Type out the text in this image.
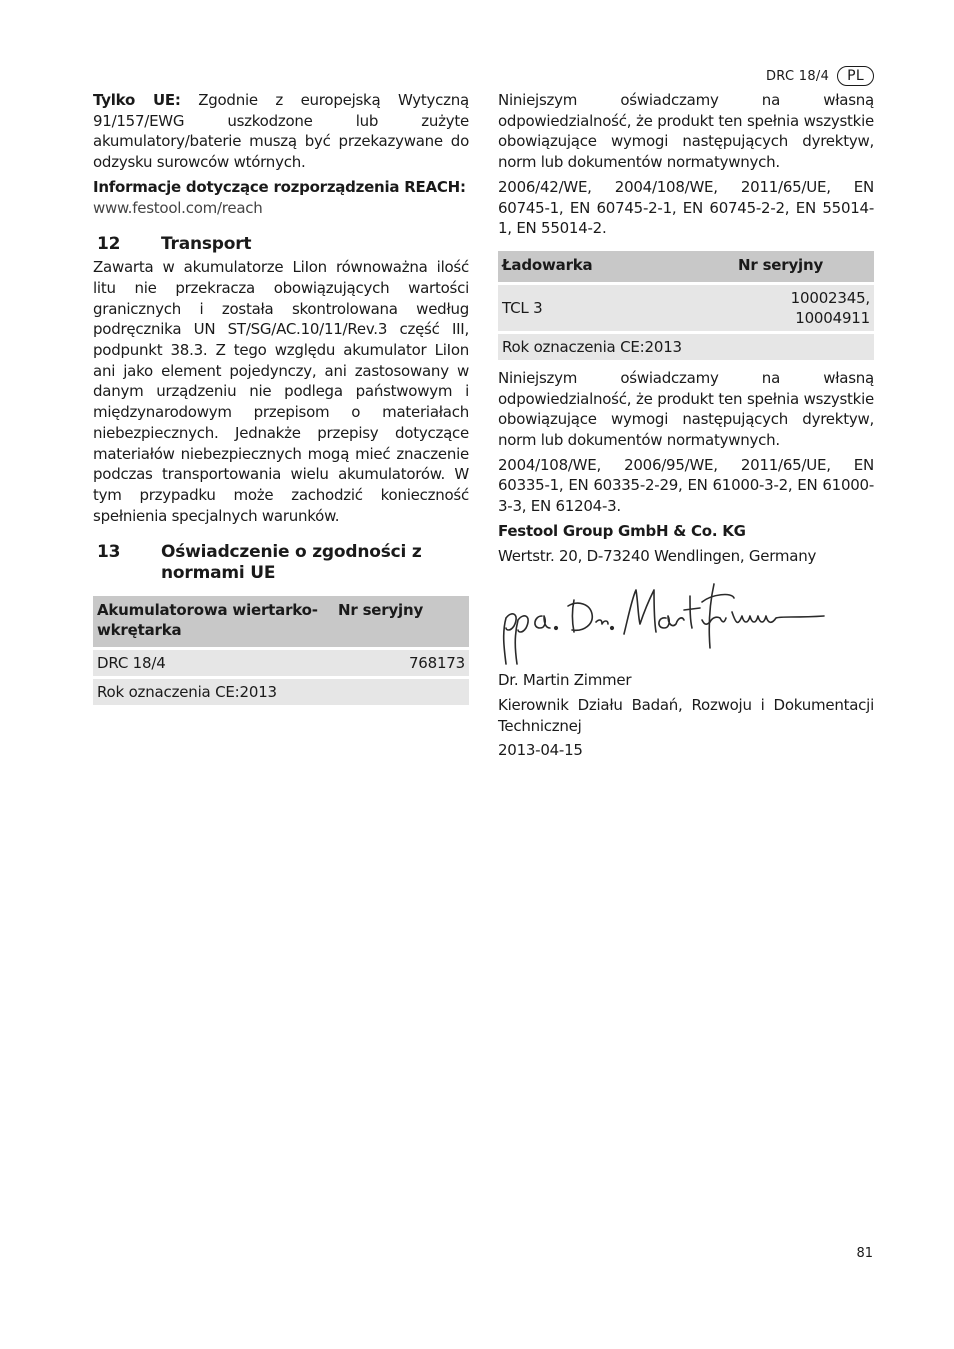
DRC 18/4	PL

Tylko UE: Zgodnie z europejską Wytyczną 91/157/EWG uszkodzone lub zużyte akumulatory/baterie muszą być przekazywane do odzysku surowców wtórnych.

Informacje dotyczące rozporządzenia REACH:
www.festool.com/reach

12	Transport

Zawarta w akumulatorze LiIon równoważna ilość litu nie przekracza obowiązujących wartości granicznych i została skontrolowana według podręcznika UN ST/SG/AC.10/11/Rev.3 część III, podpunkt 38.3. Z tego względu akumulator LiIon ani jako element pojedynczy, ani zastosowany w danym urządzeniu nie podlega państwowym i międzynarodowym przepisom o materiałach niebezpiecznych. Jednakże przepisy dotyczące materiałów niebezpiecznych mogą mieć znaczenie podczas transportowania wielu akumulatorów. W tym przypadku może zachodzić konieczność spełnienia specjalnych warunków.

13	Oświadczenie o zgodności z normami UE
Akumulatorowa wiertarko-wkrętarka	Nr seryjny
DRC 18/4	768173
Rok oznaczenia CE:2013	

Niniejszym oświadczamy na własną odpowiedzialność, że produkt ten spełnia wszystkie obowiązujące wymogi następujących dyrektyw, norm lub dokumentów normatywnych.

2006/42/WE, 2004/108/WE, 2011/65/UE, EN 60745-1, EN 60745-2-1, EN 60745-2-2, EN 55014-1, EN 55014-2.

Ładowarka	Nr seryjny
TCL 3	10002345, 10004911
Rok oznaczenia CE:2013	

Niniejszym oświadczamy na własną odpowiedzialność, że produkt ten spełnia wszystkie obowiązujące wymogi następujących dyrektyw, norm lub dokumentów normatywnych.

2004/108/WE, 2006/95/WE, 2011/65/UE, EN 60335-1, EN 60335-2-29, EN 61000-3-2, EN 61000-3-3, EN 61204-3.

Festool Group GmbH & Co. KG

Wertstr. 20, D-73240 Wendlingen, Germany

Dr. Martin Zimmer

Kierownik Działu Badań, Rozwoju i Dokumentacji Technicznej

2013-04-15

81
